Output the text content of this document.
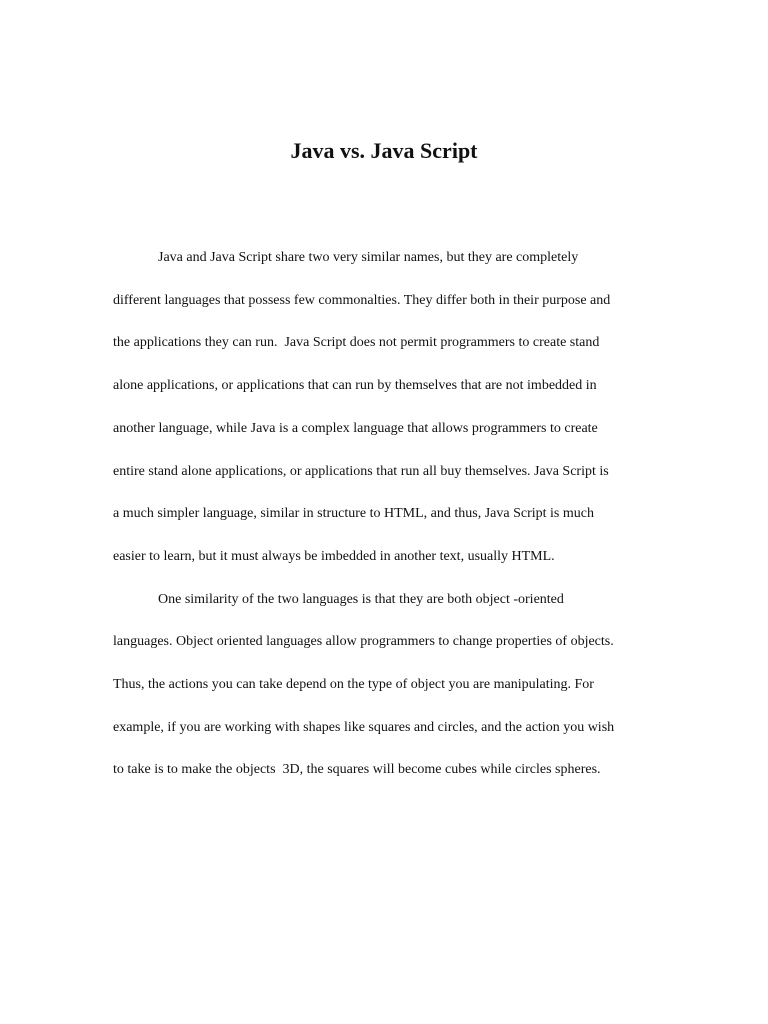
Java vs. Java Script
Java and Java Script share two very similar names, but they are completely
different languages that possess few commonalties. They differ both in their purpose and
the applications they can run.  Java Script does not permit programmers to create stand
alone applications, or applications that can run by themselves that are not imbedded in
another language, while Java is a complex language that allows programmers to create
entire stand alone applications, or applications that run all buy themselves. Java Script is
a much simpler language, similar in structure to HTML, and thus, Java Script is much
easier to learn, but it must always be imbedded in another text, usually HTML.
One similarity of the two languages is that they are both object -oriented
languages. Object oriented languages allow programmers to change properties of objects.
Thus, the actions you can take depend on the type of object you are manipulating. For
example, if you are working with shapes like squares and circles, and the action you wish
to take is to make the objects  3D, the squares will become cubes while circles spheres.
